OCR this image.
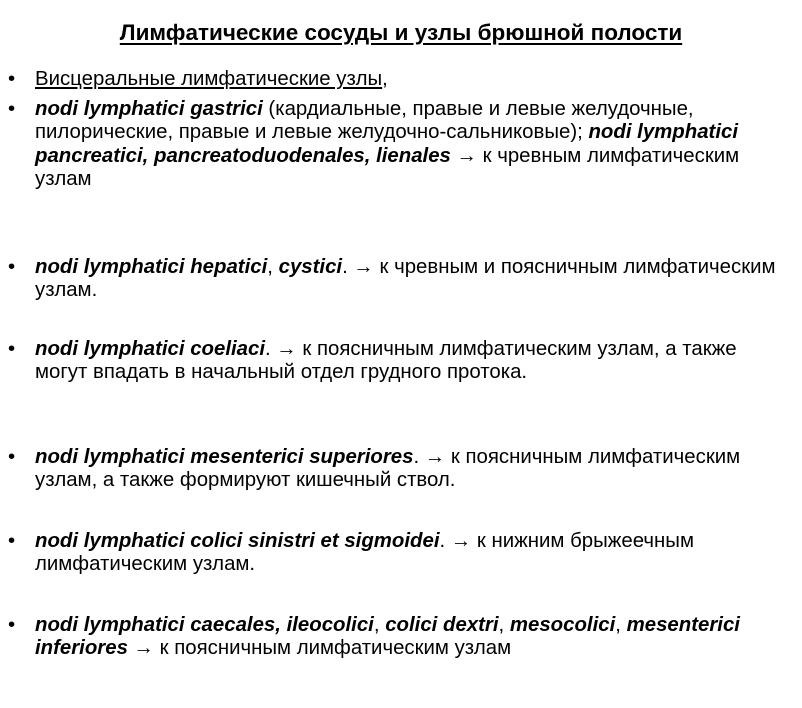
Лимфатические сосуды и узлы брюшной полости
• Висцеральные лимфатические узлы,
• nodi lymphatici gastrici (кардиальные, правые и левые желудочные, пилорические, правые и левые желудочно-сальниковые); nodi lymphatici pancreatici, pancreatoduodenales, lienales → к чревным лимфатическим узлам
• nodi lymphatici hepatici, cystici. → к чревным и поясничным лимфатическим узлам.
• nodi lymphatici coeliaci. → к поясничным лимфатическим узлам, а также могут впадать в начальный отдел грудного протока.
• nodi lymphatici mesenterici superiores. → к поясничным лимфатическим узлам, а также формируют кишечный ствол.
• nodi lymphatici colici sinistri et sigmoidei. → к нижним брыжеечным лимфатическим узлам.
• nodi lymphatici caecales, ileocolici, colici dextri, mesocolici, mesenterici inferiores → к поясничным лимфатическим узлам
